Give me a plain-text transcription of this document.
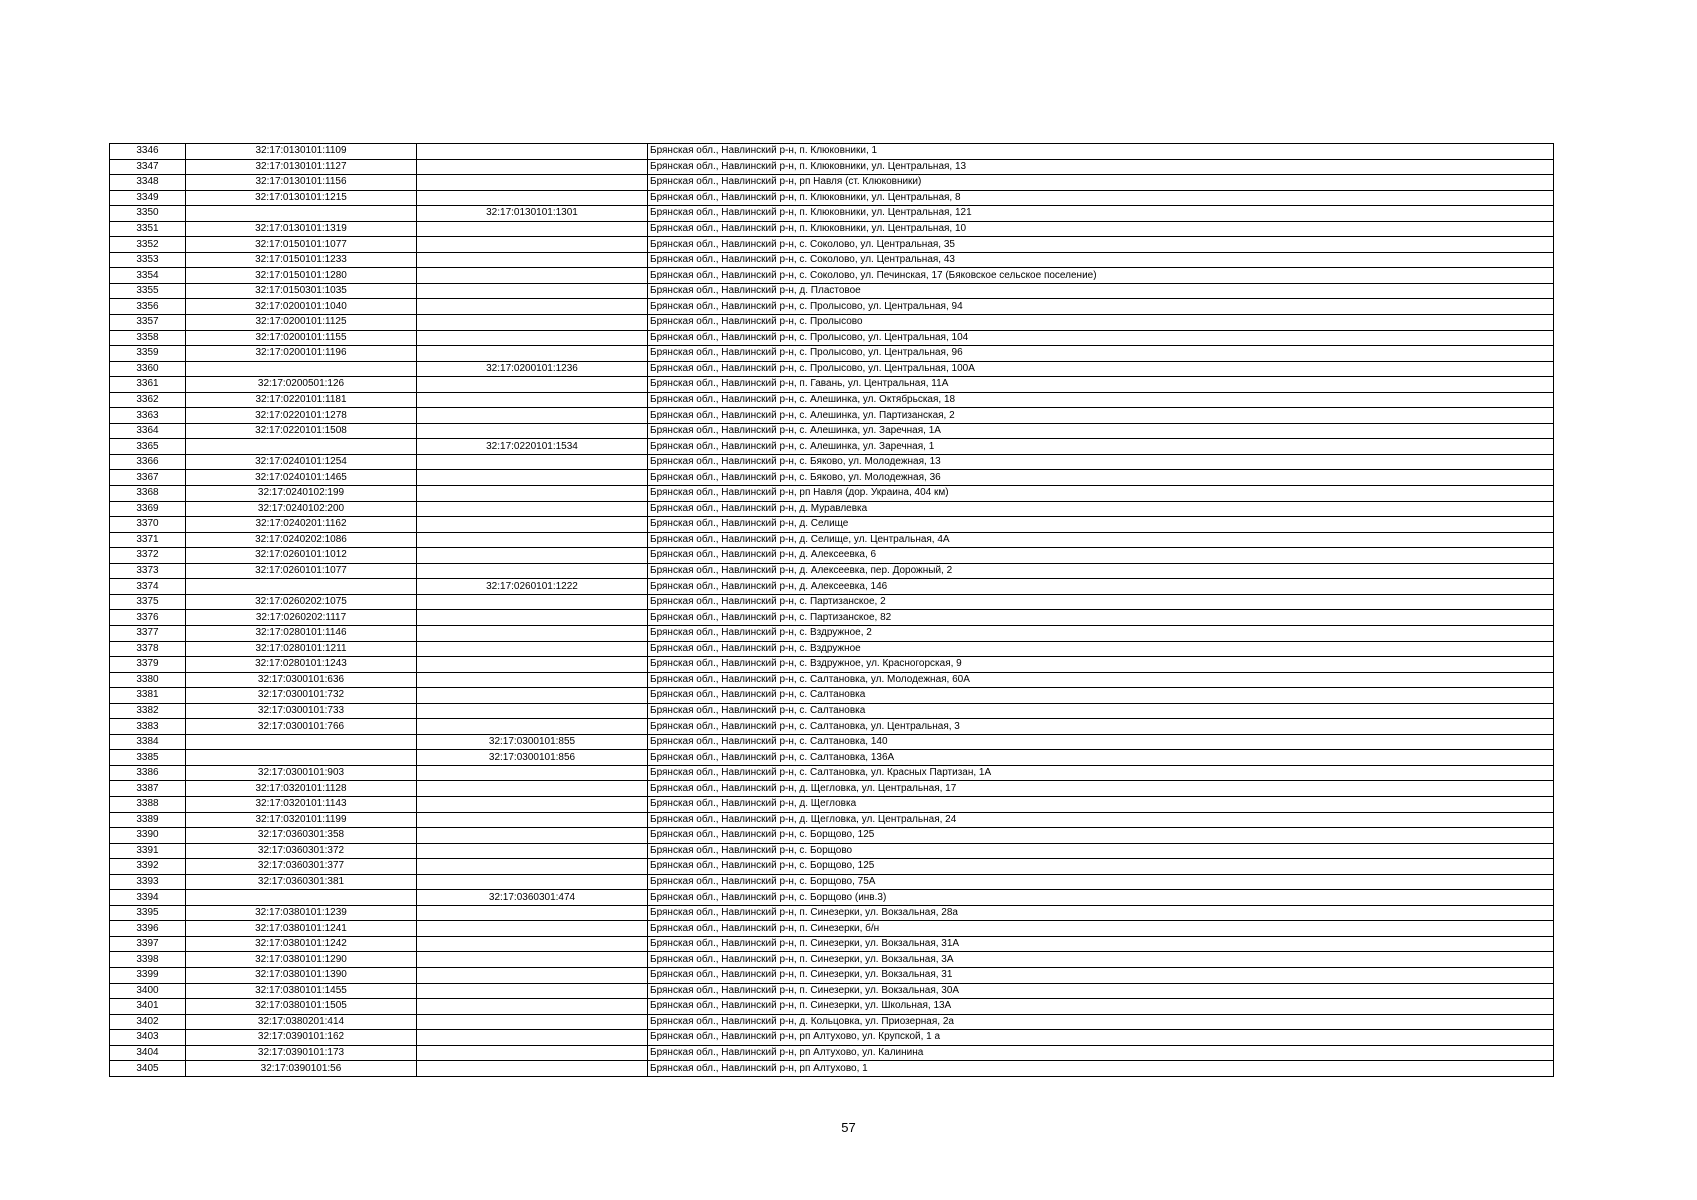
3346	32:17:0130101:1109		Брянская обл., Навлинский р-н, п. Клюковники, 1
3347	32:17:0130101:1127		Брянская обл., Навлинский р-н, п. Клюковники, ул. Центральная, 13
3348	32:17:0130101:1156		Брянская обл., Навлинский р-н, рп Навля (ст. Клюковники)
3349	32:17:0130101:1215		Брянская обл., Навлинский р-н, п. Клюковники, ул. Центральная, 8
3350		32:17:0130101:1301	Брянская обл., Навлинский р-н, п. Клюковники, ул. Центральная, 121
3351	32:17:0130101:1319		Брянская обл., Навлинский р-н, п. Клюковники, ул. Центральная, 10
3352	32:17:0150101:1077		Брянская обл., Навлинский р-н, с. Соколово, ул. Центральная, 35
3353	32:17:0150101:1233		Брянская обл., Навлинский р-н, с. Соколово, ул. Центральная, 43
3354	32:17:0150101:1280		Брянская обл., Навлинский р-н, с. Соколово, ул. Печинская, 17 (Бяковское сельское поселение)
3355	32:17:0150301:1035		Брянская обл., Навлинский р-н, д. Пластовое
3356	32:17:0200101:1040		Брянская обл., Навлинский р-н, с. Пролысово, ул. Центральная, 94
3357	32:17:0200101:1125		Брянская обл., Навлинский р-н, с. Пролысово
3358	32:17:0200101:1155		Брянская обл., Навлинский р-н, с. Пролысово, ул. Центральная, 104
3359	32:17:0200101:1196		Брянская обл., Навлинский р-н, с. Пролысово, ул. Центральная, 96
3360		32:17:0200101:1236	Брянская обл., Навлинский р-н, с. Пролысово, ул. Центральная, 100А
3361	32:17:0200501:126		Брянская обл., Навлинский р-н, п. Гавань, ул. Центральная, 11А
3362	32:17:0220101:1181		Брянская обл., Навлинский р-н, с. Алешинка, ул. Октябрьская, 18
3363	32:17:0220101:1278		Брянская обл., Навлинский р-н, с. Алешинка, ул. Партизанская, 2
3364	32:17:0220101:1508		Брянская обл., Навлинский р-н, с. Алешинка, ул. Заречная, 1А
3365		32:17:0220101:1534	Брянская обл., Навлинский р-н, с. Алешинка, ул. Заречная, 1
3366	32:17:0240101:1254		Брянская обл., Навлинский р-н, с. Бяково, ул. Молодежная, 13
3367	32:17:0240101:1465		Брянская обл., Навлинский р-н, с. Бяково, ул. Молодежная, 36
3368	32:17:0240102:199		Брянская обл., Навлинский р-н, рп Навля (дор. Украина, 404 км)
3369	32:17:0240102:200		Брянская обл., Навлинский р-н, д. Муравлевка
3370	32:17:0240201:1162		Брянская обл., Навлинский р-н, д. Селище
3371	32:17:0240202:1086		Брянская обл., Навлинский р-н, д. Селище, ул. Центральная, 4А
3372	32:17:0260101:1012		Брянская обл., Навлинский р-н, д. Алексеевка, 6
3373	32:17:0260101:1077		Брянская обл., Навлинский р-н, д. Алексеевка, пер. Дорожный, 2
3374		32:17:0260101:1222	Брянская обл., Навлинский р-н, д. Алексеевка, 146
3375	32:17:0260202:1075		Брянская обл., Навлинский р-н, с. Партизанское, 2
3376	32:17:0260202:1117		Брянская обл., Навлинский р-н, с. Партизанское, 82
3377	32:17:0280101:1146		Брянская обл., Навлинский р-н, с. Вздружное, 2
3378	32:17:0280101:1211		Брянская обл., Навлинский р-н, с. Вздружное
3379	32:17:0280101:1243		Брянская обл., Навлинский р-н, с. Вздружное, ул. Красногорская, 9
3380	32:17:0300101:636		Брянская обл., Навлинский р-н, с. Салтановка, ул. Молодежная, 60А
3381	32:17:0300101:732		Брянская обл., Навлинский р-н, с. Салтановка
3382	32:17:0300101:733		Брянская обл., Навлинский р-н, с. Салтановка
3383	32:17:0300101:766		Брянская обл., Навлинский р-н, с. Салтановка, ул. Центральная, 3
3384		32:17:0300101:855	Брянская обл., Навлинский р-н, с. Салтановка, 140
3385		32:17:0300101:856	Брянская обл., Навлинский р-н, с. Салтановка, 136А
3386	32:17:0300101:903		Брянская обл., Навлинский р-н, с. Салтановка, ул. Красных Партизан, 1А
3387	32:17:0320101:1128		Брянская обл., Навлинский р-н, д. Щегловка, ул. Центральная, 17
3388	32:17:0320101:1143		Брянская обл., Навлинский р-н, д. Щегловка
3389	32:17:0320101:1199		Брянская обл., Навлинский р-н, д. Щегловка, ул. Центральная, 24
3390	32:17:0360301:358		Брянская обл., Навлинский р-н, с. Борщово, 125
3391	32:17:0360301:372		Брянская обл., Навлинский р-н, с. Борщово
3392	32:17:0360301:377		Брянская обл., Навлинский р-н, с. Борщово, 125
3393	32:17:0360301:381		Брянская обл., Навлинский р-н, с. Борщово, 75А
3394		32:17:0360301:474	Брянская обл., Навлинский р-н, с. Борщово (инв.3)
3395	32:17:0380101:1239		Брянская обл., Навлинский р-н, п. Синезерки, ул. Вокзальная, 28а
3396	32:17:0380101:1241		Брянская обл., Навлинский р-н, п. Синезерки, б/н
3397	32:17:0380101:1242		Брянская обл., Навлинский р-н, п. Синезерки, ул. Вокзальная, 31А
3398	32:17:0380101:1290		Брянская обл., Навлинский р-н, п. Синезерки, ул. Вокзальная, 3А
3399	32:17:0380101:1390		Брянская обл., Навлинский р-н, п. Синезерки, ул. Вокзальная, 31
3400	32:17:0380101:1455		Брянская обл., Навлинский р-н, п. Синезерки, ул. Вокзальная, 30А
3401	32:17:0380101:1505		Брянская обл., Навлинский р-н, п. Синезерки, ул. Школьная, 13А
3402	32:17:0380201:414		Брянская обл., Навлинский р-н, д. Кольцовка, ул. Приозерная, 2а
3403	32:17:0390101:162		Брянская обл., Навлинский р-н, рп Алтухово, ул. Крупской, 1 а
3404	32:17:0390101:173		Брянская обл., Навлинский р-н, рп Алтухово, ул. Калинина
3405	32:17:0390101:56		Брянская обл., Навлинский р-н, рп Алтухово, 1
57
